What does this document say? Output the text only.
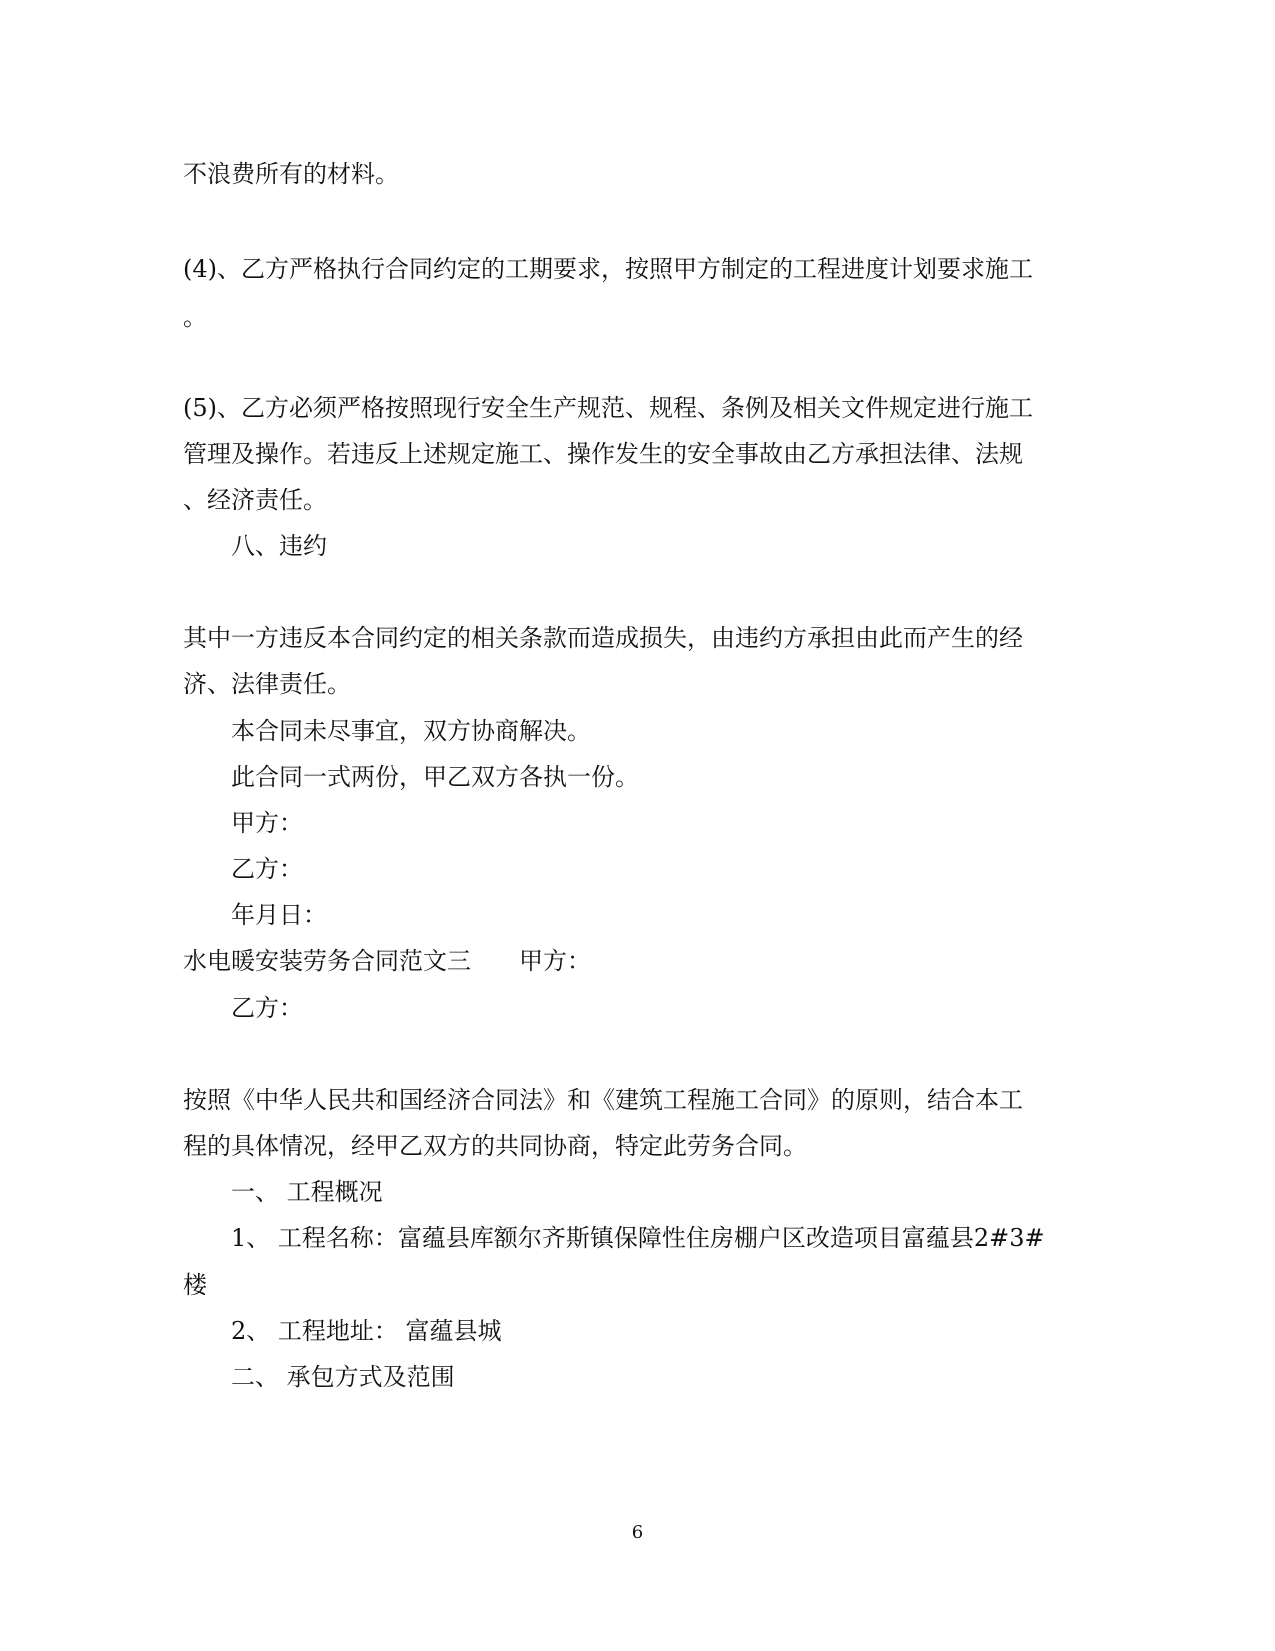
不浪费所有的材料。
(4)、乙方严格执行合同约定的工期要求，按照甲方制定的工程进度计划要求施工
。
(5)、乙方必须严格按照现行安全生产规范、规程、条例及相关文件规定进行施工
管理及操作。若违反上述规定施工、操作发生的安全事故由乙方承担法律、法规
、经济责任。
八、违约
其中一方违反本合同约定的相关条款而造成损失，由违约方承担由此而产生的经
济、法律责任。
本合同未尽事宜，双方协商解决。
此合同一式两份，甲乙双方各执一份。
甲方：
乙方：
年月日：
水电暖安装劳务合同范文三 甲方：
乙方：
按照《中华人民共和国经济合同法》和《建筑工程施工合同》的原则，结合本工
程的具体情况，经甲乙双方的共同协商，特定此劳务合同。
一、 工程概况
1、 工程名称：富蕴县库额尔齐斯镇保障性住房棚户区改造项目富蕴县2#3#
楼
2、 工程地址： 富蕴县城
二、 承包方式及范围
6
